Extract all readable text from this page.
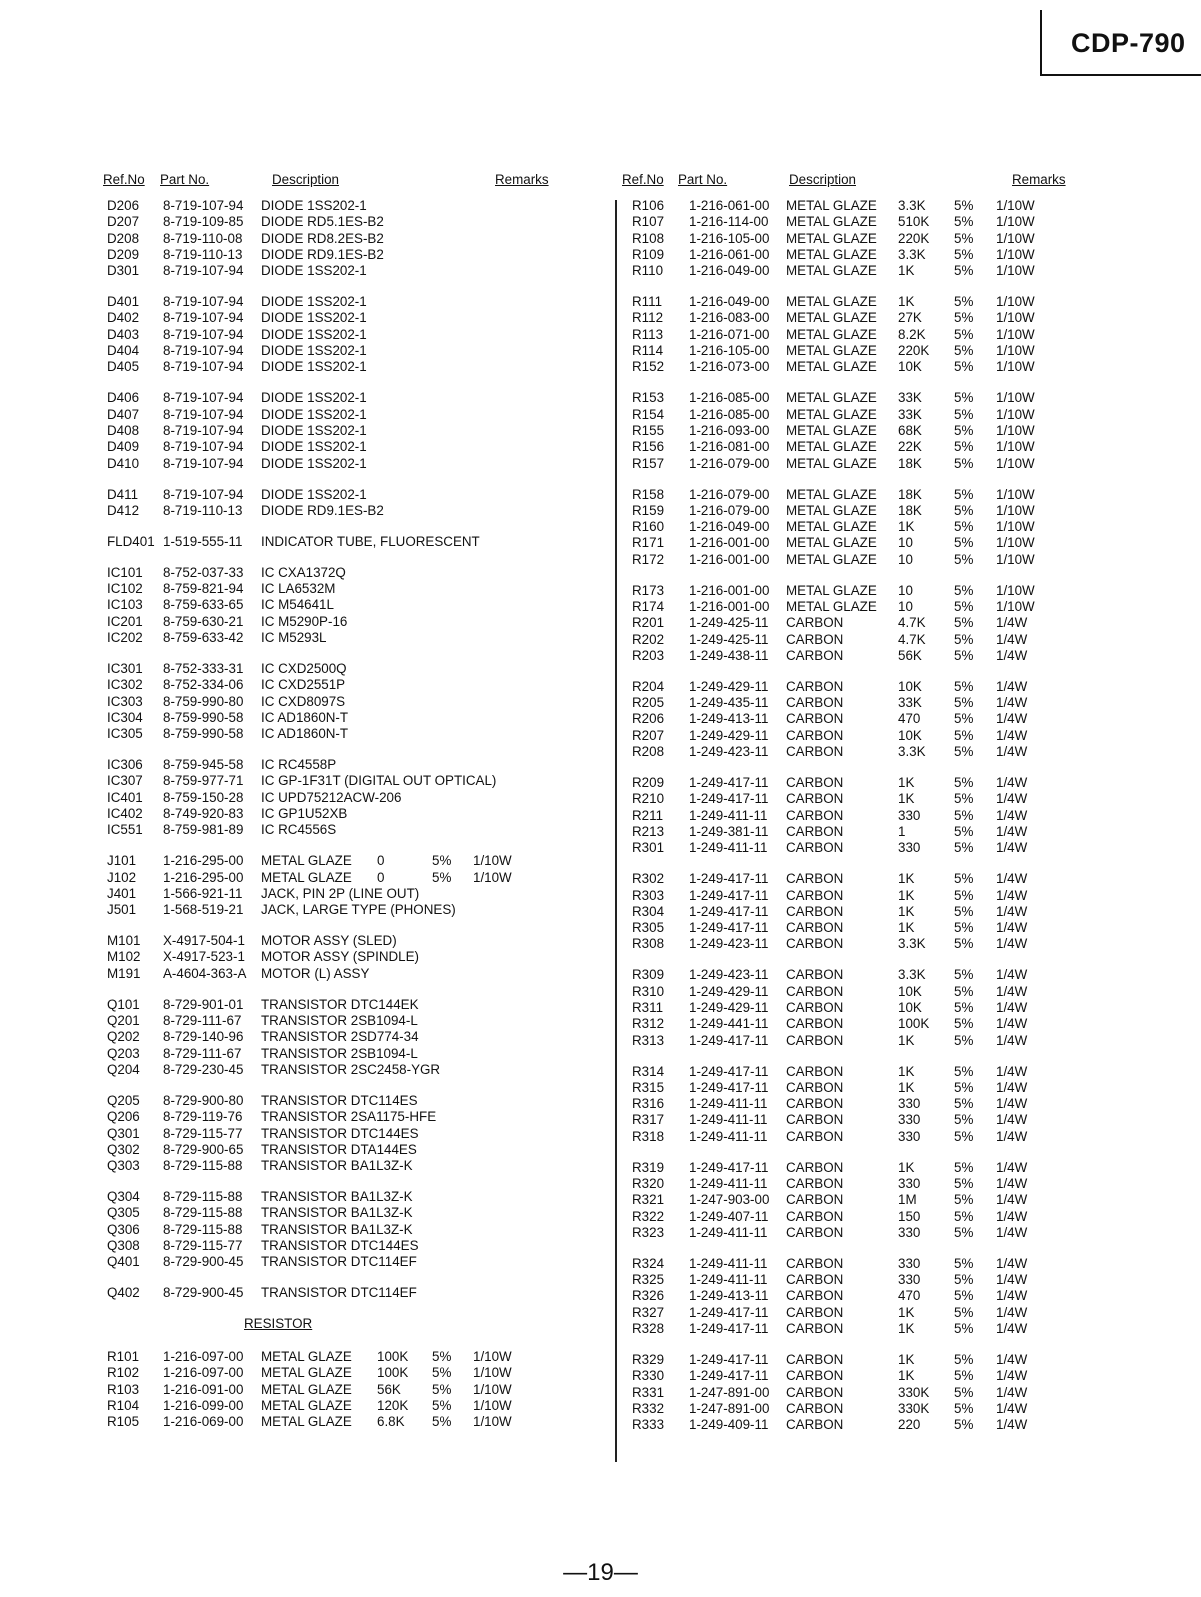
CDP-790
Ref.No Part No.	Description	Remarks
D206 8-719-107-94 DIODE 1SS202-1
D207 8-719-109-85 DIODE RD5.1ES-B2
D208 8-719-110-08 DIODE RD8.2ES-B2
D209 8-719-110-13 DIODE RD9.1ES-B2
D301 8-719-107-94 DIODE 1SS202-1
D401 8-719-107-94 DIODE 1SS202-1
D402 8-719-107-94 DIODE 1SS202-1
D403 8-719-107-94 DIODE 1SS202-1
D404 8-719-107-94 DIODE 1SS202-1
D405 8-719-107-94 DIODE 1SS202-1
D406 8-719-107-94 DIODE 1SS202-1
D407 8-719-107-94 DIODE 1SS202-1
D408 8-719-107-94 DIODE 1SS202-1
D409 8-719-107-94 DIODE 1SS202-1
D410 8-719-107-94 DIODE 1SS202-1
D411 8-719-107-94 DIODE 1SS202-1
D412 8-719-110-13 DIODE RD9.1ES-B2
FLD401 1-519-555-11 INDICATOR TUBE, FLUORESCENT
IC101 8-752-037-33 IC CXA1372Q
IC102 8-759-821-94 IC LA6532M
IC103 8-759-633-65 IC M54641L
IC201 8-759-630-21 IC M5290P-16
IC202 8-759-633-42 IC M5293L
IC301 8-752-333-31 IC CXD2500Q
IC302 8-752-334-06 IC CXD2551P
IC303 8-759-990-80 IC CXD8097S
IC304 8-759-990-58 IC AD1860N-T
IC305 8-759-990-58 IC AD1860N-T
IC306 8-759-945-58 IC RC4558P
IC307 8-759-977-71 IC GP-1F31T (DIGITAL OUT OPTICAL)
IC401 8-759-150-28 IC UPD75212ACW-206
IC402 8-749-920-83 IC GP1U52XB
IC551 8-759-981-89 IC RC4556S
J101 1-216-295-00 METAL GLAZE 0	5% 1/10W
J102 1-216-295-00 METAL GLAZE 0	5% 1/10W
J401 1-566-921-11 JACK, PIN 2P (LINE OUT)
J501 1-568-519-21 JACK, LARGE TYPE (PHONES)
M101 X-4917-504-1 MOTOR ASSY (SLED)
M102 X-4917-523-1 MOTOR ASSY (SPINDLE)
M191 A-4604-363-A MOTOR (L) ASSY
Q101 8-729-901-01 TRANSISTOR DTC144EK
Q201 8-729-111-67 TRANSISTOR 2SB1094-L
Q202 8-729-140-96 TRANSISTOR 2SD774-34
Q203 8-729-111-67 TRANSISTOR 2SB1094-L
Q204 8-729-230-45 TRANSISTOR 2SC2458-YGR
Q205 8-729-900-80 TRANSISTOR DTC114ES
Q206 8-729-119-76 TRANSISTOR 2SA1175-HFE
Q301 8-729-115-77 TRANSISTOR DTC144ES
Q302 8-729-900-65 TRANSISTOR DTA144ES
Q303 8-729-115-88 TRANSISTOR BA1L3Z-K
Q304 8-729-115-88 TRANSISTOR BA1L3Z-K
Q305 8-729-115-88 TRANSISTOR BA1L3Z-K
Q306 8-729-115-88 TRANSISTOR BA1L3Z-K
Q308 8-729-115-77 TRANSISTOR DTC144ES
Q401 8-729-900-45 TRANSISTOR DTC114EF
Q402 8-729-900-45 TRANSISTOR DTC114EF
RESISTOR
R101 1-216-097-00 METAL GLAZE 100K 5% 1/10W
R102 1-216-097-00 METAL GLAZE 100K 5% 1/10W
R103 1-216-091-00 METAL GLAZE 56K 5% 1/10W
R104 1-216-099-00 METAL GLAZE 120K 5% 1/10W
R105 1-216-069-00 METAL GLAZE 6.8K 5% 1/10W
Ref.No Part No.	Description	Remarks
R106 1-216-061-00 METAL GLAZE 3.3K 5% 1/10W
R107 1-216-114-00 METAL GLAZE 510K 5% 1/10W
R108 1-216-105-00 METAL GLAZE 220K 5% 1/10W
R109 1-216-061-00 METAL GLAZE 3.3K 5% 1/10W
R110 1-216-049-00 METAL GLAZE 1K	5% 1/10W
R111 1-216-049-00 METAL GLAZE 1K	5% 1/10W
R112 1-216-083-00 METAL GLAZE 27K 5% 1/10W
R113 1-216-071-00 METAL GLAZE 8.2K 5% 1/10W
R114 1-216-105-00 METAL GLAZE 220K 5% 1/10W
R152 1-216-073-00 METAL GLAZE 10K 5% 1/10W
R153 1-216-085-00 METAL GLAZE 33K 5% 1/10W
R154 1-216-085-00 METAL GLAZE 33K 5% 1/10W
R155 1-216-093-00 METAL GLAZE 68K 5% 1/10W
R156 1-216-081-00 METAL GLAZE 22K 5% 1/10W
R157 1-216-079-00 METAL GLAZE 18K 5% 1/10W
R158 1-216-079-00 METAL GLAZE 18K 5% 1/10W
R159 1-216-079-00 METAL GLAZE 18K 5% 1/10W
R160 1-216-049-00 METAL GLAZE 1K	5% 1/10W
R171 1-216-001-00 METAL GLAZE 10	5% 1/10W
R172 1-216-001-00 METAL GLAZE 10	5% 1/10W
R173 1-216-001-00 METAL GLAZE 10	5% 1/10W
R174 1-216-001-00 METAL GLAZE 10	5% 1/10W
R201 1-249-425-11 CARBON	4.7K 5% 1/4W
R202 1-249-425-11 CARBON	4.7K 5% 1/4W
R203 1-249-438-11 CARBON	56K 5% 1/4W
R204 1-249-429-11 CARBON	10K 5% 1/4W
R205 1-249-435-11 CARBON	33K 5% 1/4W
R206 1-249-413-11 CARBON	470	5% 1/4W
R207 1-249-429-11 CARBON	10K 5% 1/4W
R208 1-249-423-11 CARBON	3.3K 5% 1/4W
R209 1-249-417-11 CARBON	1K	5% 1/4W
R210 1-249-417-11 CARBON	1K	5% 1/4W
R211 1-249-411-11 CARBON	330	5% 1/4W
R213 1-249-381-11 CARBON	1	5% 1/4W
R301 1-249-411-11 CARBON	330	5% 1/4W
R302 1-249-417-11 CARBON	1K	5% 1/4W
R303 1-249-417-11 CARBON	1K	5% 1/4W
R304 1-249-417-11 CARBON	1K	5% 1/4W
R305 1-249-417-11 CARBON	1K	5% 1/4W
R308 1-249-423-11 CARBON	3.3K 5% 1/4W
R309 1-249-423-11 CARBON	3.3K 5% 1/4W
R310 1-249-429-11 CARBON	10K 5% 1/4W
R311 1-249-429-11 CARBON	10K 5% 1/4W
R312 1-249-441-11 CARBON	100K 5% 1/4W
R313 1-249-417-11 CARBON	1K	5% 1/4W
R314 1-249-417-11 CARBON	1K	5% 1/4W
R315 1-249-417-11 CARBON	1K	5% 1/4W
R316 1-249-411-11 CARBON	330	5% 1/4W
R317 1-249-411-11 CARBON	330	5% 1/4W
R318 1-249-411-11 CARBON	330	5% 1/4W
R319 1-249-417-11 CARBON	1K	5% 1/4W
R320 1-249-411-11 CARBON	330	5% 1/4W
R321 1-247-903-00 CARBON	1M	5% 1/4W
R322 1-249-407-11 CARBON	150	5% 1/4W
R323 1-249-411-11 CARBON	330	5% 1/4W
R324 1-249-411-11 CARBON	330	5% 1/4W
R325 1-249-411-11 CARBON	330	5% 1/4W
R326 1-249-413-11 CARBON	470	5% 1/4W
R327 1-249-417-11 CARBON	1K	5% 1/4W
R328 1-249-417-11 CARBON	1K	5% 1/4W
R329 1-249-417-11 CARBON	1K	5% 1/4W
R330 1-249-417-11 CARBON	1K	5% 1/4W
R331 1-247-891-00 CARBON	330K 5% 1/4W
R332 1-247-891-00 CARBON	330K 5% 1/4W
R333 1-249-409-11 CARBON	220	5% 1/4W
—19—
